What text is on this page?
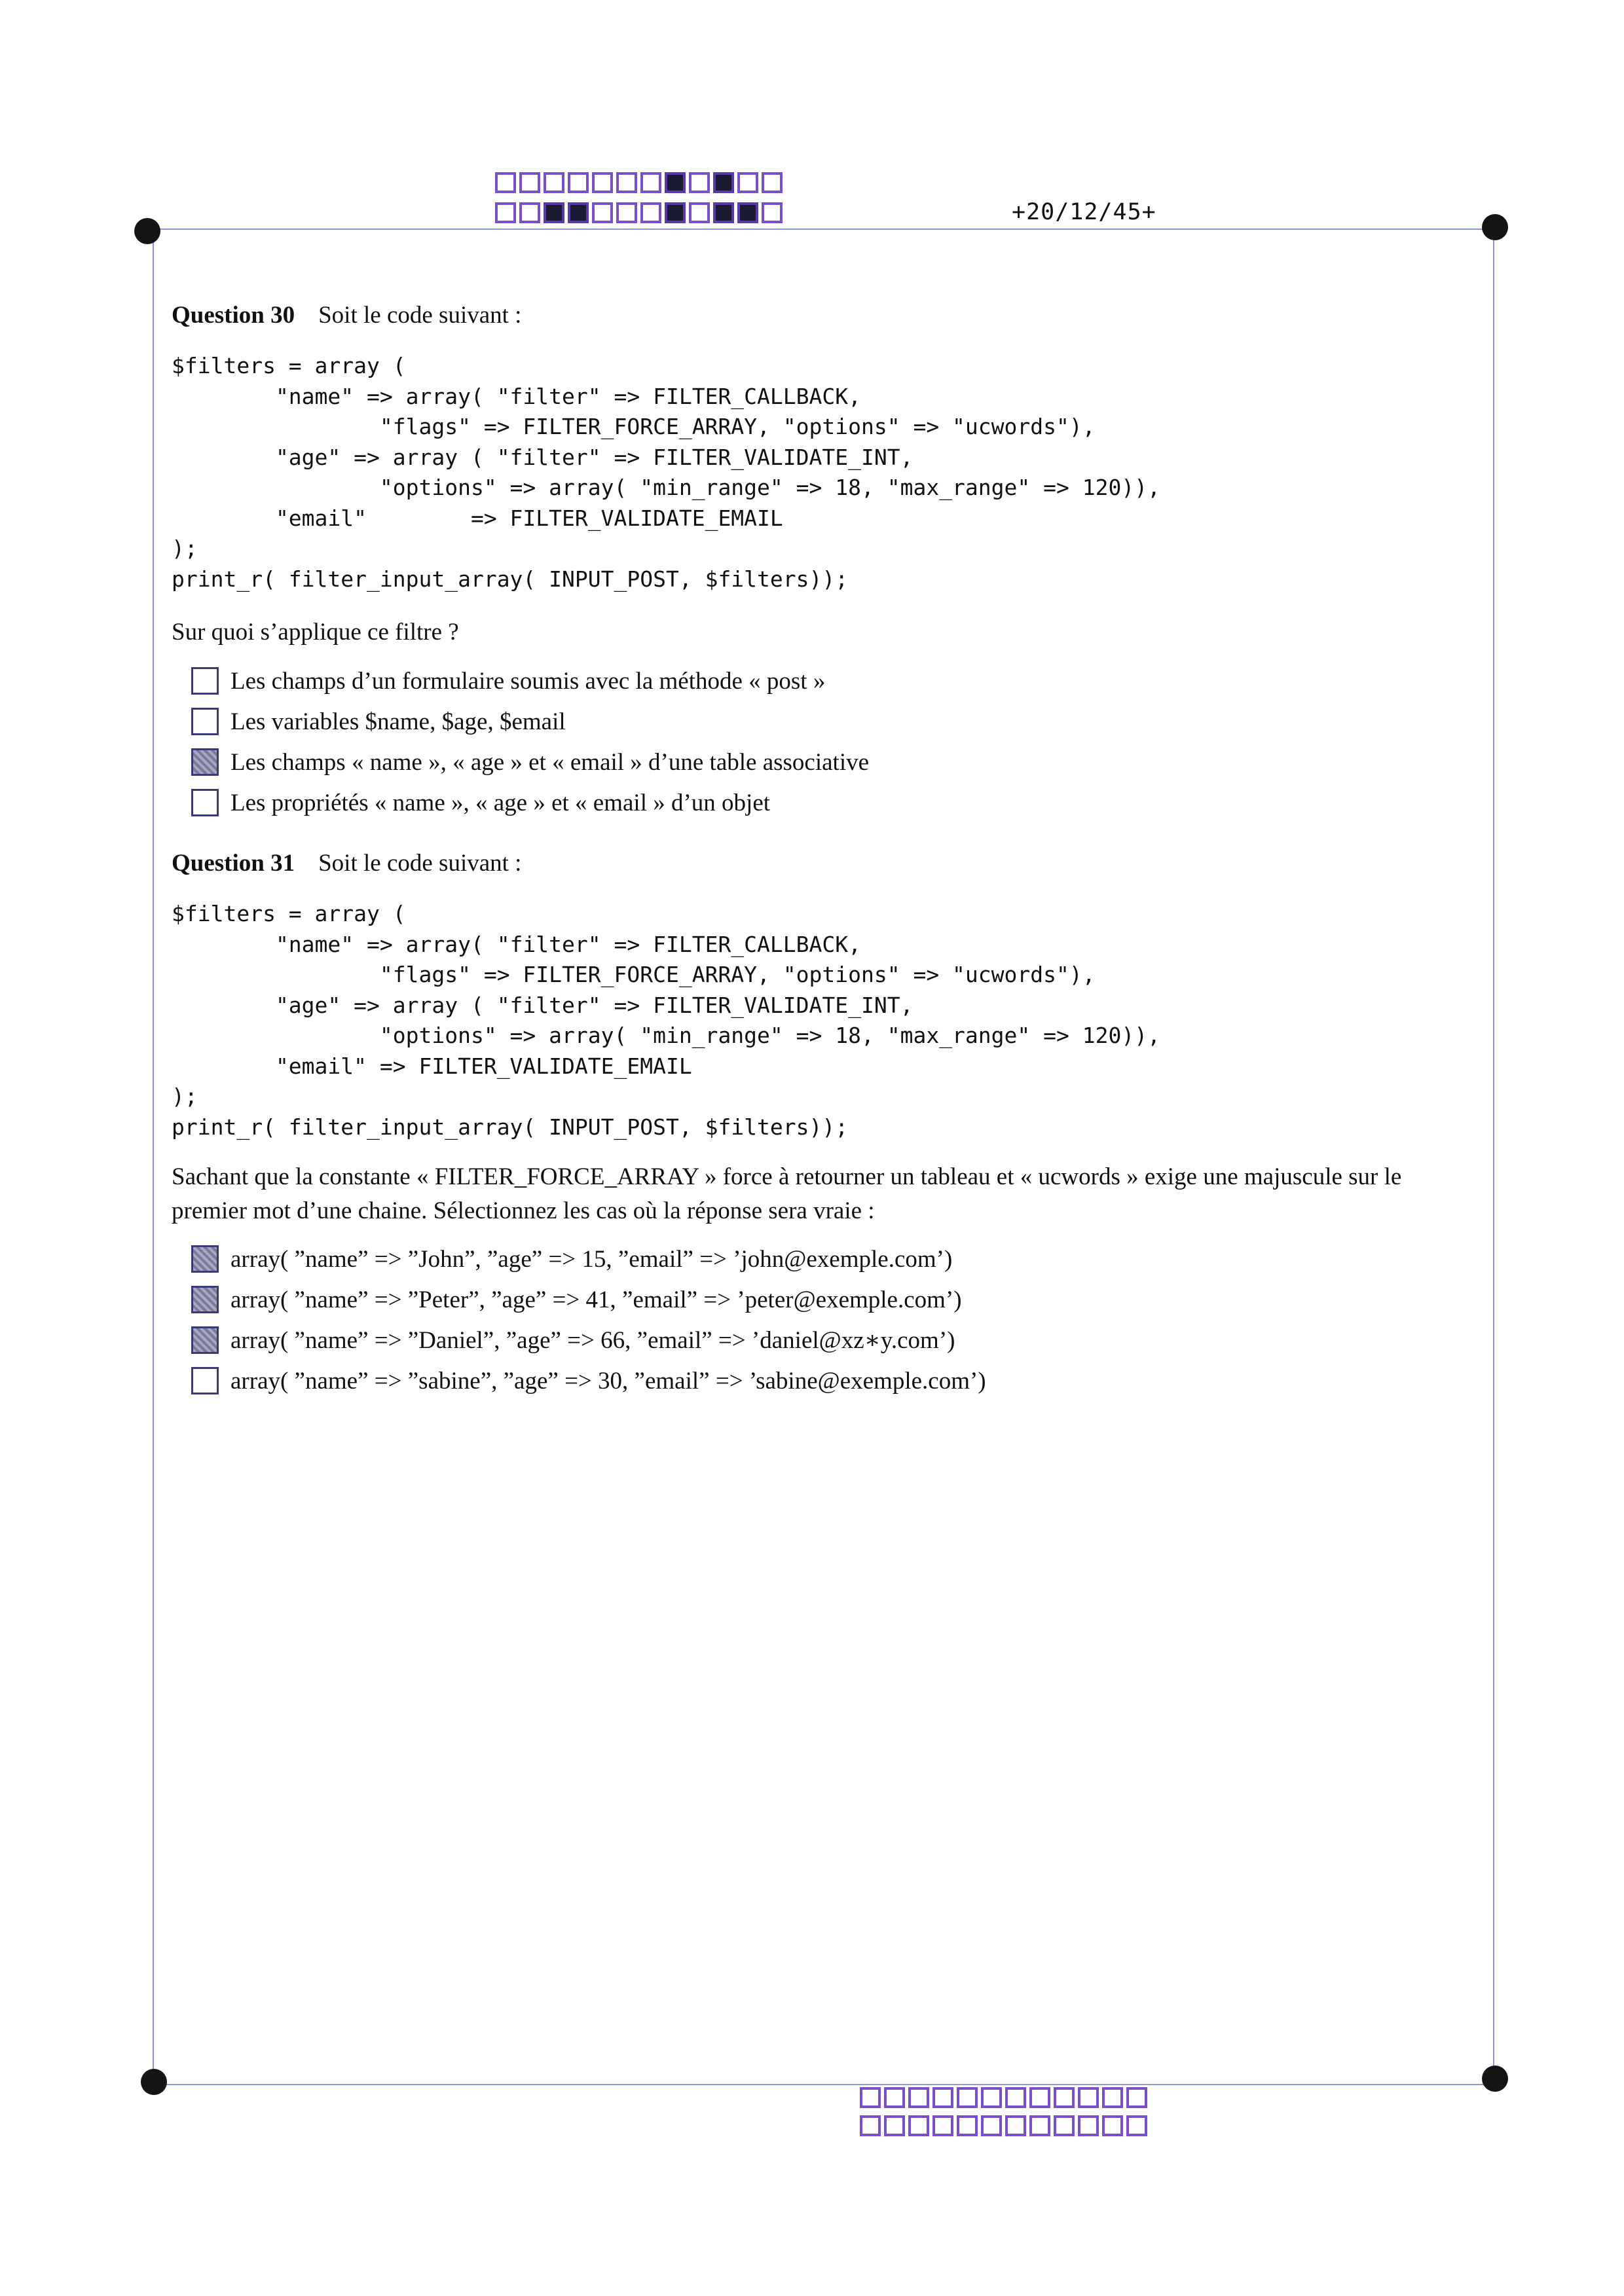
+20/12/45+
Question 30 Soit le code suivant :
$filters = array (
"name" => array( "filter" => FILTER_CALLBACK,
"flags" => FILTER_FORCE_ARRAY, "options" => "ucwords"),
"age" => array ( "filter" => FILTER_VALIDATE_INT,
"options" => array( "min_range" => 18, "max_range" => 120)),
"email"        => FILTER_VALIDATE_EMAIL
);
print_r( filter_input_array( INPUT_POST, $filters));
Sur quoi s’applique ce filtre ?
Les champs d’un formulaire soumis avec la méthode « post »
Les variables $name, $age, $email
Les champs « name », « age » et « email » d’une table associative
Les propriétés « name », « age » et « email » d’un objet
Question 31 Soit le code suivant :
$filters = array (
"name" => array( "filter" => FILTER_CALLBACK,
"flags" => FILTER_FORCE_ARRAY, "options" => "ucwords"),
"age" => array ( "filter" => FILTER_VALIDATE_INT,
"options" => array( "min_range" => 18, "max_range" => 120)),
"email" => FILTER_VALIDATE_EMAIL
);
print_r( filter_input_array( INPUT_POST, $filters));
Sachant que la constante « FILTER_FORCE_ARRAY » force à retourner un tableau et « ucwords » exige une majuscule sur le premier mot d’une chaine. Sélectionnez les cas où la réponse sera vraie :
array( ”name” => ”John”, ”age” => 15, ”email” => ’john@exemple.com’)
array( ”name” => ”Peter”, ”age” => 41, ”email” => ’peter@exemple.com’)
array( ”name” => ”Daniel”, ”age” => 66, ”email” => ’daniel@xz∗y.com’)
array( ”name” => ”sabine”, ”age” => 30, ”email” => ’sabine@exemple.com’)
